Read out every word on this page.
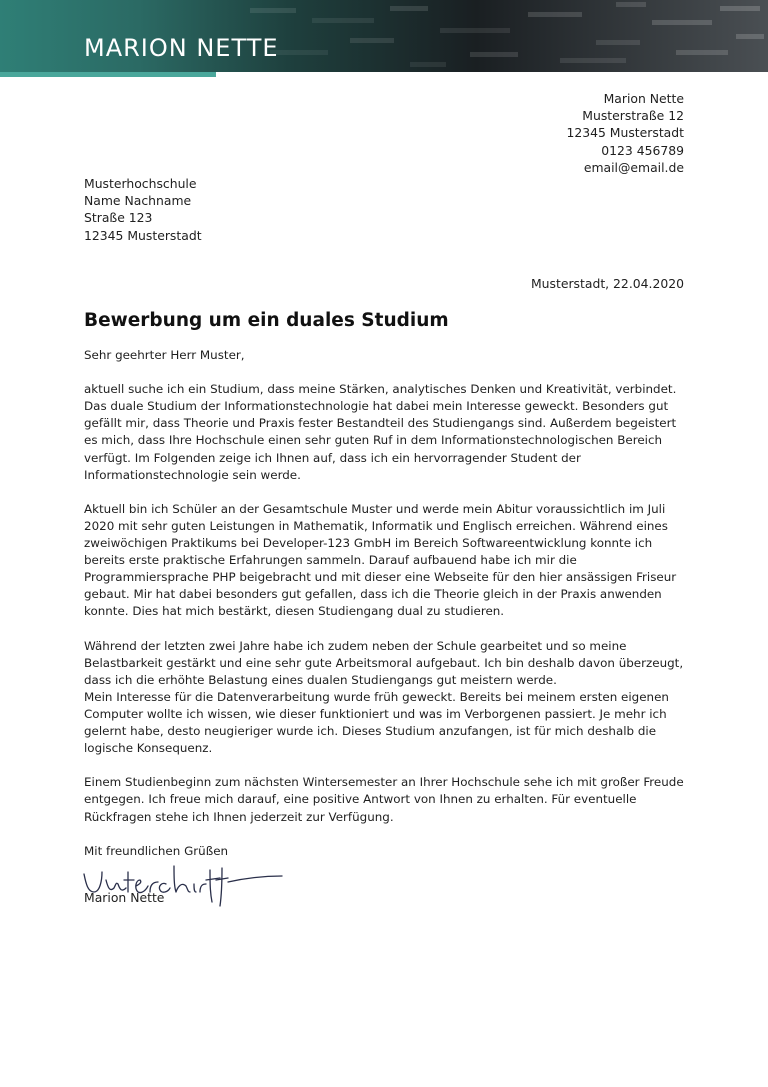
MARION NETTE
Marion Nette
Musterstraße 12
12345 Musterstadt
0123 456789
email@email.de
Musterhochschule
Name Nachname
Straße 123
12345 Musterstadt
Musterstadt, 22.04.2020
Bewerbung um ein duales Studium

Sehr geehrter Herr Muster,

aktuell suche ich ein Studium, dass meine Stärken, analytisches Denken und Kreativität, verbindet. Das duale Studium der Informationstechnologie hat dabei mein Interesse geweckt. Besonders gut gefällt mir, dass Theorie und Praxis fester Bestandteil des Studiengangs sind. Außerdem begeistert es mich, dass Ihre Hochschule einen sehr guten Ruf in dem Informationstechnologischen Bereich verfügt. Im Folgenden zeige ich Ihnen auf, dass ich ein hervorragender Student der Informationstechnologie sein werde.

Aktuell bin ich Schüler an der Gesamtschule Muster und werde mein Abitur voraussichtlich im Juli 2020 mit sehr guten Leistungen in Mathematik, Informatik und Englisch erreichen. Während eines zweiwöchigen Praktikums bei Developer-123 GmbH im Bereich Softwareentwicklung konnte ich bereits erste praktische Erfahrungen sammeln. Darauf aufbauend habe ich mir die Programmiersprache PHP beigebracht und mit dieser eine Webseite für den hier ansässigen Friseur gebaut. Mir hat dabei besonders gut gefallen, dass ich die Theorie gleich in der Praxis anwenden konnte. Dies hat mich bestärkt, diesen Studiengang dual zu studieren.

Während der letzten zwei Jahre habe ich zudem neben der Schule gearbeitet und so meine Belastbarkeit gestärkt und eine sehr gute Arbeitsmoral aufgebaut. Ich bin deshalb davon überzeugt, dass ich die erhöhte Belastung eines dualen Studiengangs gut meistern werde.

Mein Interesse für die Datenverarbeitung wurde früh geweckt. Bereits bei meinem ersten eigenen Computer wollte ich wissen, wie dieser funktioniert und was im Verborgenen passiert. Je mehr ich gelernt habe, desto neugieriger wurde ich. Dieses Studium anzufangen, ist für mich deshalb die logische Konsequenz.

Einem Studienbeginn zum nächsten Wintersemester an Ihrer Hochschule sehe ich mit großer Freude entgegen. Ich freue mich darauf, eine positive Antwort von Ihnen zu erhalten. Für eventuelle Rückfragen stehe ich Ihnen jederzeit zur Verfügung.

Mit freundlichen Grüßen

Marion Nette
